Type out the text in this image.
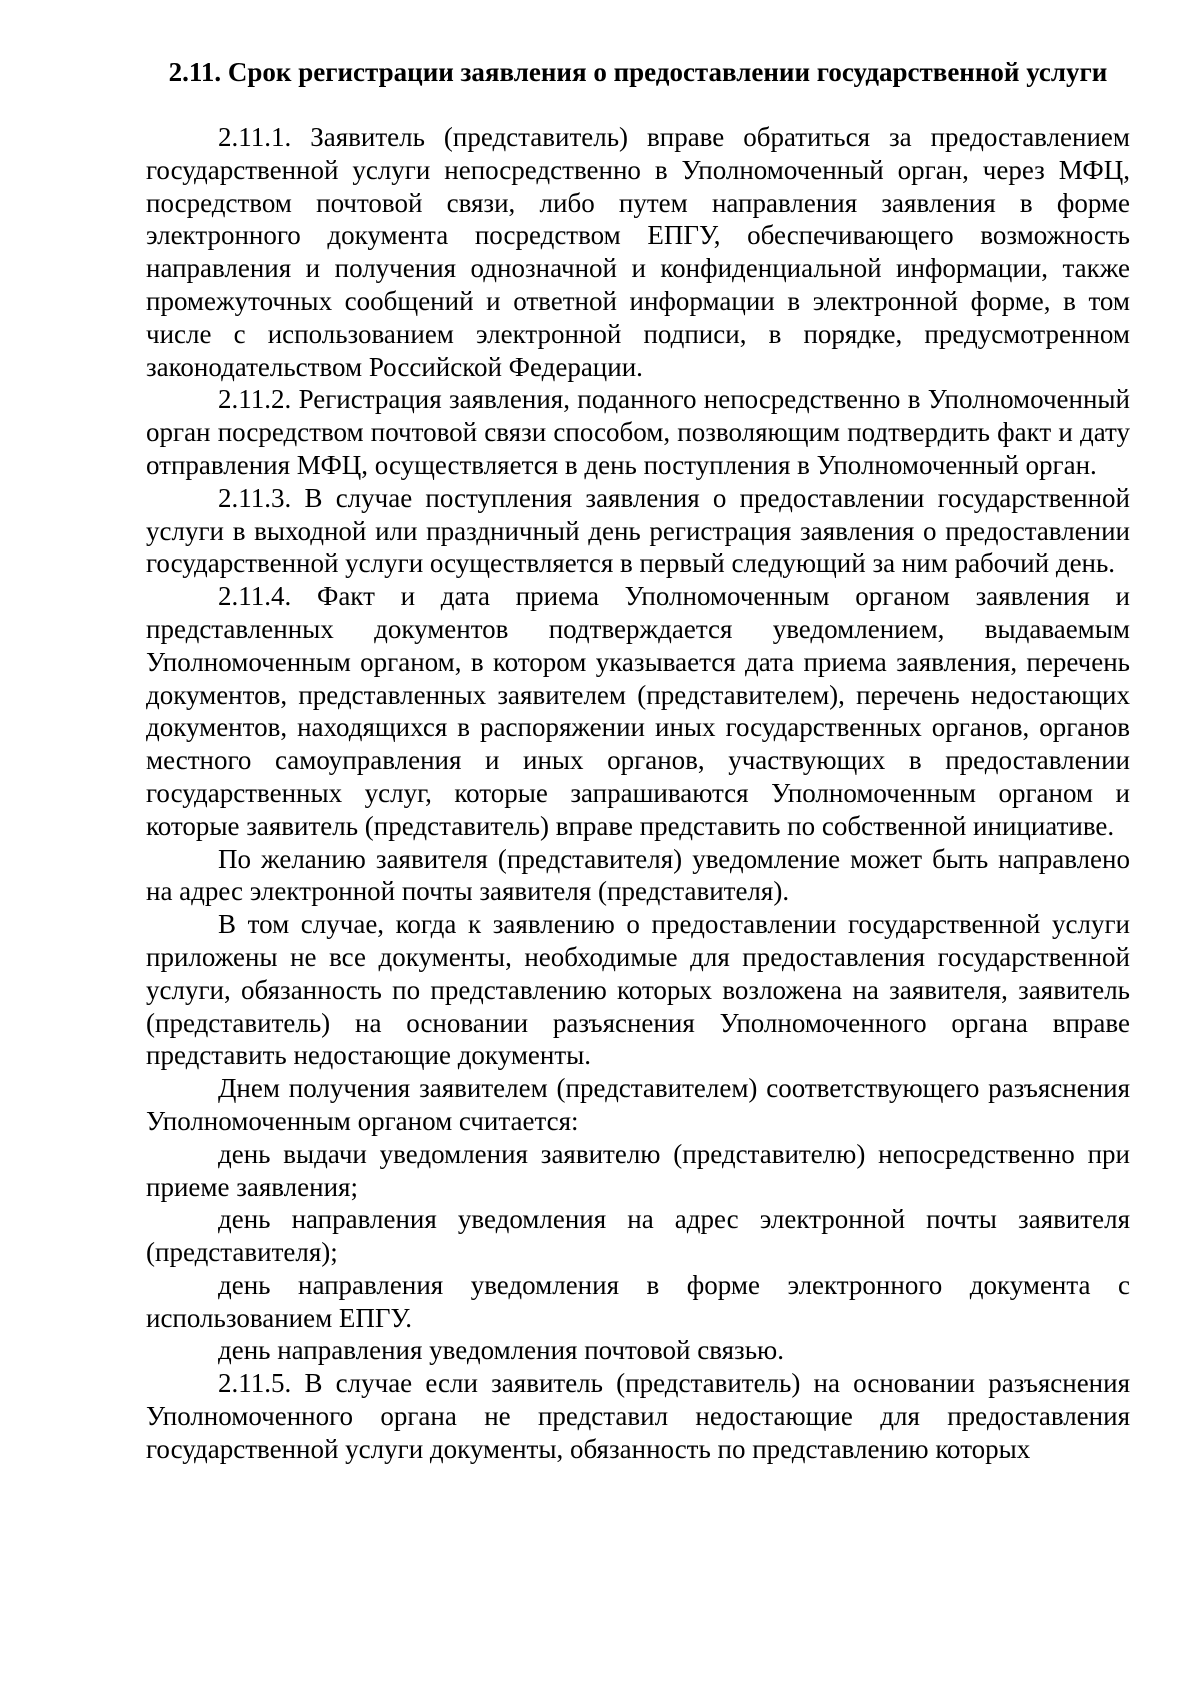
2.11. Срок регистрации заявления о предоставлении государственной услуги

2.11.1. Заявитель (представитель) вправе обратиться за предоставлением государственной услуги непосредственно в Уполномоченный орган, через МФЦ, посредством почтовой связи, либо путем направления заявления в форме электронного документа посредством ЕПГУ, обеспечивающего возможность направления и получения однозначной и конфиденциальной информации, также промежуточных сообщений и ответной информации в электронной форме, в том числе с использованием электронной подписи, в порядке, предусмотренном законодательством Российской Федерации.

2.11.2. Регистрация заявления, поданного непосредственно в Уполномоченный орган посредством почтовой связи способом, позволяющим подтвердить факт и дату отправления МФЦ, осуществляется в день поступления в Уполномоченный орган.

2.11.3. В случае поступления заявления о предоставлении государственной услуги в выходной или праздничный день регистрация заявления о предоставлении государственной услуги осуществляется в первый следующий за ним рабочий день.

2.11.4. Факт и дата приема Уполномоченным органом заявления и представленных документов подтверждается уведомлением, выдаваемым Уполномоченным органом, в котором указывается дата приема заявления, перечень документов, представленных заявителем (представителем), перечень недостающих документов, находящихся в распоряжении иных государственных органов, органов местного самоуправления и иных органов, участвующих в предоставлении государственных услуг, которые запрашиваются Уполномоченным органом и которые заявитель (представитель) вправе представить по собственной инициативе.

По желанию заявителя (представителя) уведомление может быть направлено на адрес электронной почты заявителя (представителя).

В том случае, когда к заявлению о предоставлении государственной услуги приложены не все документы, необходимые для предоставления государственной услуги, обязанность по представлению которых возложена на заявителя, заявитель (представитель) на основании разъяснения Уполномоченного органа вправе представить недостающие документы.

Днем получения заявителем (представителем) соответствующего разъяснения Уполномоченным органом считается:

день выдачи уведомления заявителю (представителю) непосредственно при приеме заявления;

день направления уведомления на адрес электронной почты заявителя (представителя);

день направления уведомления в форме электронного документа с использованием ЕПГУ.

день направления уведомления почтовой связью.

2.11.5. В случае если заявитель (представитель) на основании разъяснения Уполномоченного органа не представил недостающие для предоставления государственной услуги документы, обязанность по представлению которых
